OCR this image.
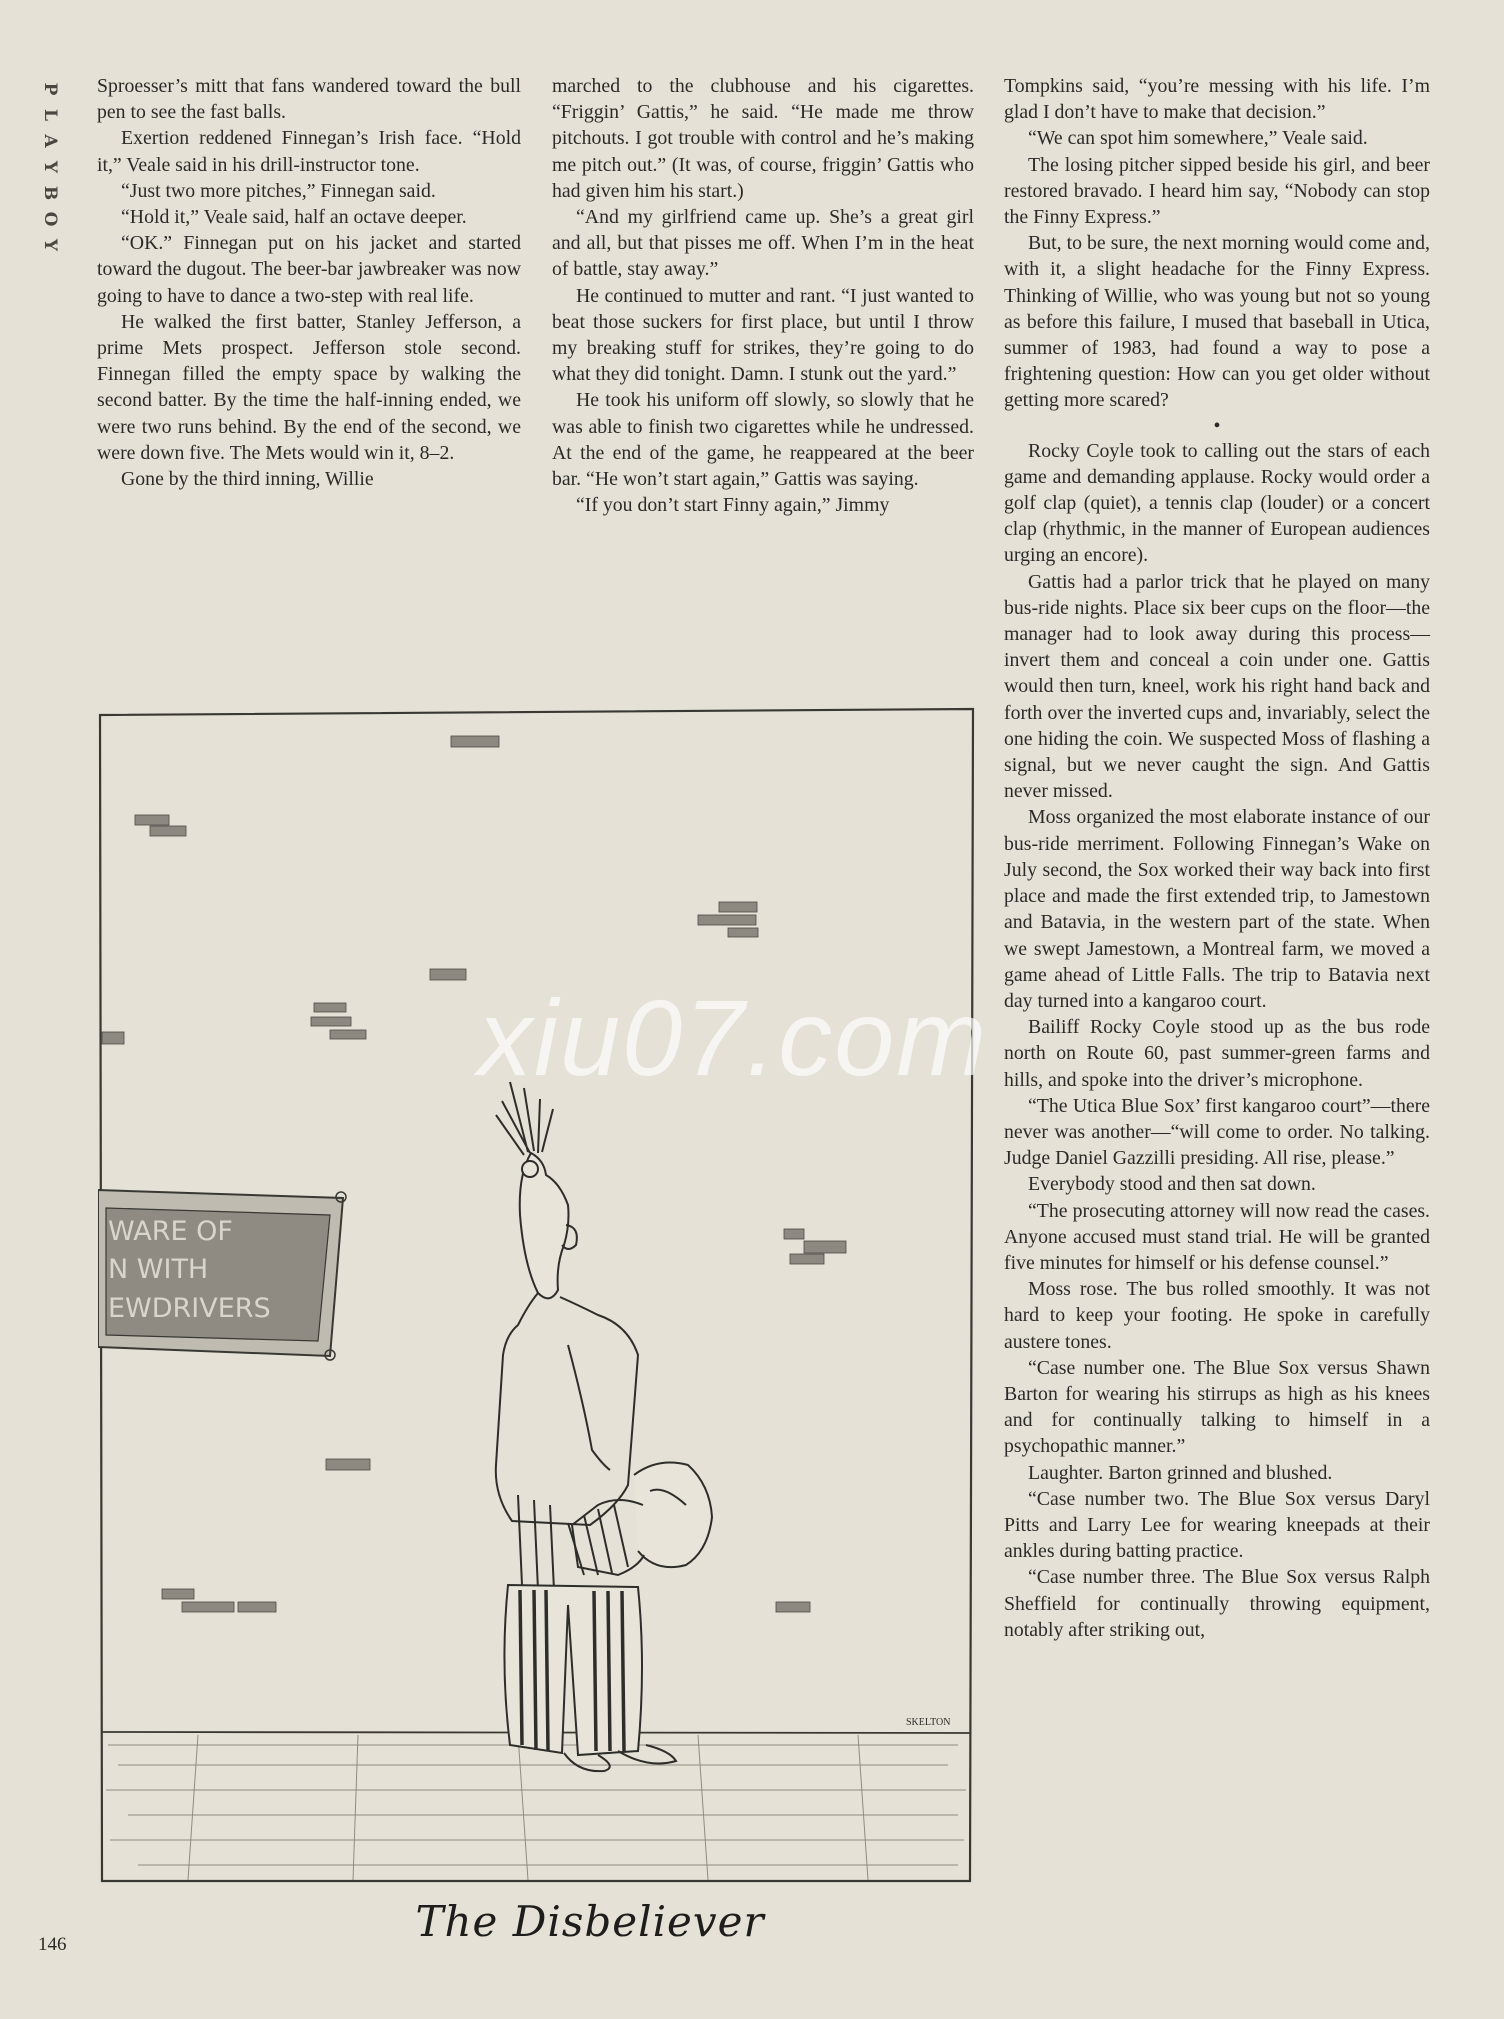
P
L
A
Y
B
O
Y

Sproesser’s mitt that fans wandered toward the bull pen to see the fast balls.

Exertion reddened Finnegan’s Irish face. “Hold it,” Veale said in his drill-instructor tone.

“Just two more pitches,” Finnegan said.

“Hold it,” Veale said, half an octave deeper.

“OK.” Finnegan put on his jacket and started toward the dugout. The beer-bar jawbreaker was now going to have to dance a two-step with real life.

He walked the first batter, Stanley Jefferson, a prime Mets prospect. Jefferson stole second. Finnegan filled the empty space by walking the second batter. By the time the half-inning ended, we were two runs behind. By the end of the second, we were down five. The Mets would win it, 8–2.

Gone by the third inning, Willie

marched to the clubhouse and his cigarettes. “Friggin’ Gattis,” he said. “He made me throw pitchouts. I got trouble with control and he’s making me pitch out.” (It was, of course, friggin’ Gattis who had given him his start.)

“And my girlfriend came up. She’s a great girl and all, but that pisses me off. When I’m in the heat of battle, stay away.”

He continued to mutter and rant. “I just wanted to beat those suckers for first place, but until I throw my breaking stuff for strikes, they’re going to do what they did tonight. Damn. I stunk out the yard.”

He took his uniform off slowly, so slowly that he was able to finish two cigarettes while he undressed. At the end of the game, he reappeared at the beer bar. “He won’t start again,” Gattis was saying.

“If you don’t start Finny again,” Jimmy

Tompkins said, “you’re messing with his life. I’m glad I don’t have to make that decision.”

“We can spot him somewhere,” Veale said.

The losing pitcher sipped beside his girl, and beer restored bravado. I heard him say, “Nobody can stop the Finny Express.”

But, to be sure, the next morning would come and, with it, a slight headache for the Finny Express. Thinking of Willie, who was young but not so young as before this failure, I mused that baseball in Utica, summer of 1983, had found a way to pose a frightening question: How can you get older without getting more scared?

•

Rocky Coyle took to calling out the stars of each game and demanding applause. Rocky would order a golf clap (quiet), a tennis clap (louder) or a concert clap (rhythmic, in the manner of European audiences urging an encore).

Gattis had a parlor trick that he played on many bus-ride nights. Place six beer cups on the floor—the manager had to look away during this process—invert them and conceal a coin under one. Gattis would then turn, kneel, work his right hand back and forth over the inverted cups and, invariably, select the one hiding the coin. We suspected Moss of flashing a signal, but we never caught the sign. And Gattis never missed.

Moss organized the most elaborate instance of our bus-ride merriment. Following Finnegan’s Wake on July second, the Sox worked their way back into first place and made the first extended trip, to Jamestown and Batavia, in the western part of the state. When we swept Jamestown, a Montreal farm, we moved a game ahead of Little Falls. The trip to Batavia next day turned into a kangaroo court.

Bailiff Rocky Coyle stood up as the bus rode north on Route 60, past summer-green farms and hills, and spoke into the driver’s microphone.

“The Utica Blue Sox’ first kangaroo court”—there never was another—“will come to order. No talking. Judge Daniel Gazzilli presiding. All rise, please.”

Everybody stood and then sat down.

“The prosecuting attorney will now read the cases. Anyone accused must stand trial. He will be granted five minutes for himself or his defense counsel.”

Moss rose. The bus rolled smoothly. It was not hard to keep your footing. He spoke in carefully austere tones.

“Case number one. The Blue Sox versus Shawn Barton for wearing his stirrups as high as his knees and for continually talking to himself in a psychopathic manner.”

Laughter. Barton grinned and blushed.

“Case number two. The Blue Sox versus Daryl Pitts and Larry Lee for wearing kneepads at their ankles during batting practice.

“Case number three. The Blue Sox versus Ralph Sheffield for continually throwing equipment, notably after striking out,

WARE OF
N WITH
EWDRIVERS
SKELTON
The Disbeliever
146
xiu07.com
